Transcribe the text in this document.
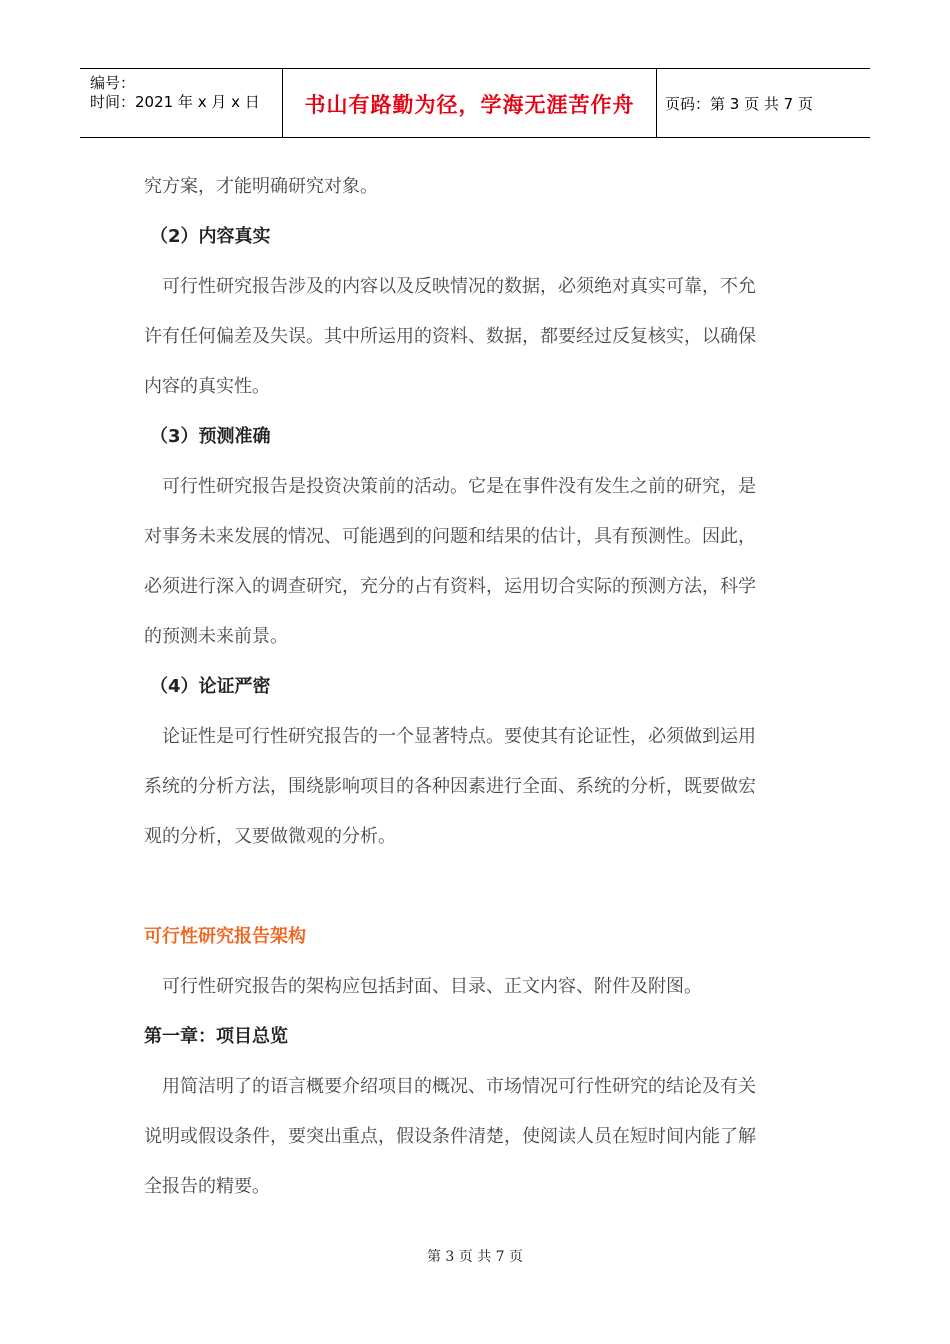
编号：
时间：2021 年 x 月 x 日	书山有路勤为径，学海无涯苦作舟	页码：第 3 页 共 7 页
究方案，才能明确研究对象。
（2）内容真实
可行性研究报告涉及的内容以及反映情况的数据，必须绝对真实可靠，不允
许有任何偏差及失误。其中所运用的资料、数据，都要经过反复核实，以确保
内容的真实性。
（3）预测准确
可行性研究报告是投资决策前的活动。它是在事件没有发生之前的研究，是
对事务未来发展的情况、可能遇到的问题和结果的估计，具有预测性。因此，
必须进行深入的调查研究，充分的占有资料，运用切合实际的预测方法，科学
的预测未来前景。
（4）论证严密
论证性是可行性研究报告的一个显著特点。要使其有论证性，必须做到运用
系统的分析方法，围绕影响项目的各种因素进行全面、系统的分析，既要做宏
观的分析，又要做微观的分析。
可行性研究报告架构
可行性研究报告的架构应包括封面、目录、正文内容、附件及附图。
第一章：项目总览
用简洁明了的语言概要介绍项目的概况、市场情况可行性研究的结论及有关
说明或假设条件，要突出重点，假设条件清楚，使阅读人员在短时间内能了解
全报告的精要。
第 3 页 共 7 页
